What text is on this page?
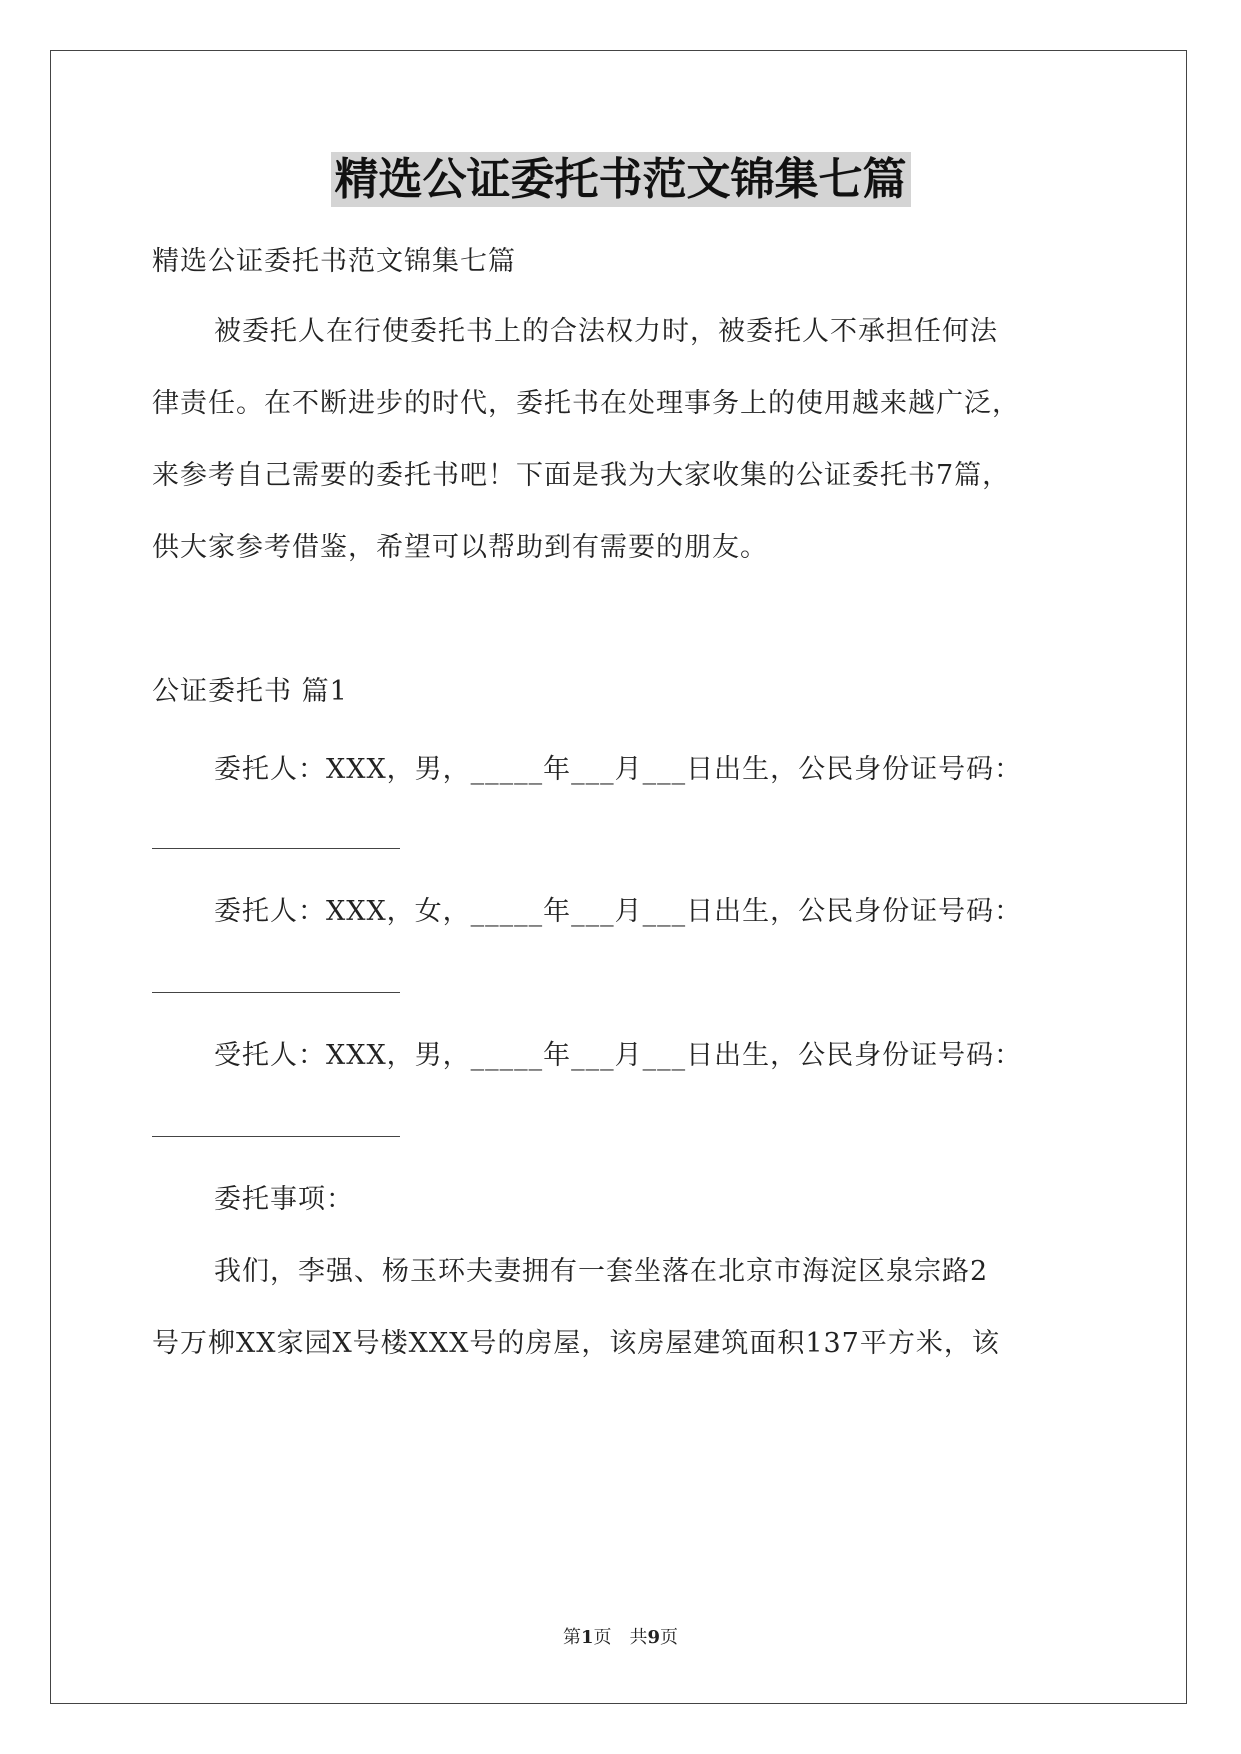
精选公证委托书范文锦集七篇

精选公证委托书范文锦集七篇

被委托人在行使委托书上的合法权力时，被委托人不承担任何法

律责任。在不断进步的时代，委托书在处理事务上的使用越来越广泛，

来参考自己需要的委托书吧！下面是我为大家收集的公证委托书7篇，

供大家参考借鉴，希望可以帮助到有需要的朋友。

公证委托书 篇1

委托人：XXX，男，_____年___月___日出生，公民身份证号码：

委托人：XXX，女，_____年___月___日出生，公民身份证号码：

受托人：XXX，男，_____年___月___日出生，公民身份证号码：

委托事项：

我们，李强、杨玉环夫妻拥有一套坐落在北京市海淀区泉宗路2

号万柳XX家园X号楼XXX号的房屋，该房屋建筑面积137平方米，该

第1页 共9页
